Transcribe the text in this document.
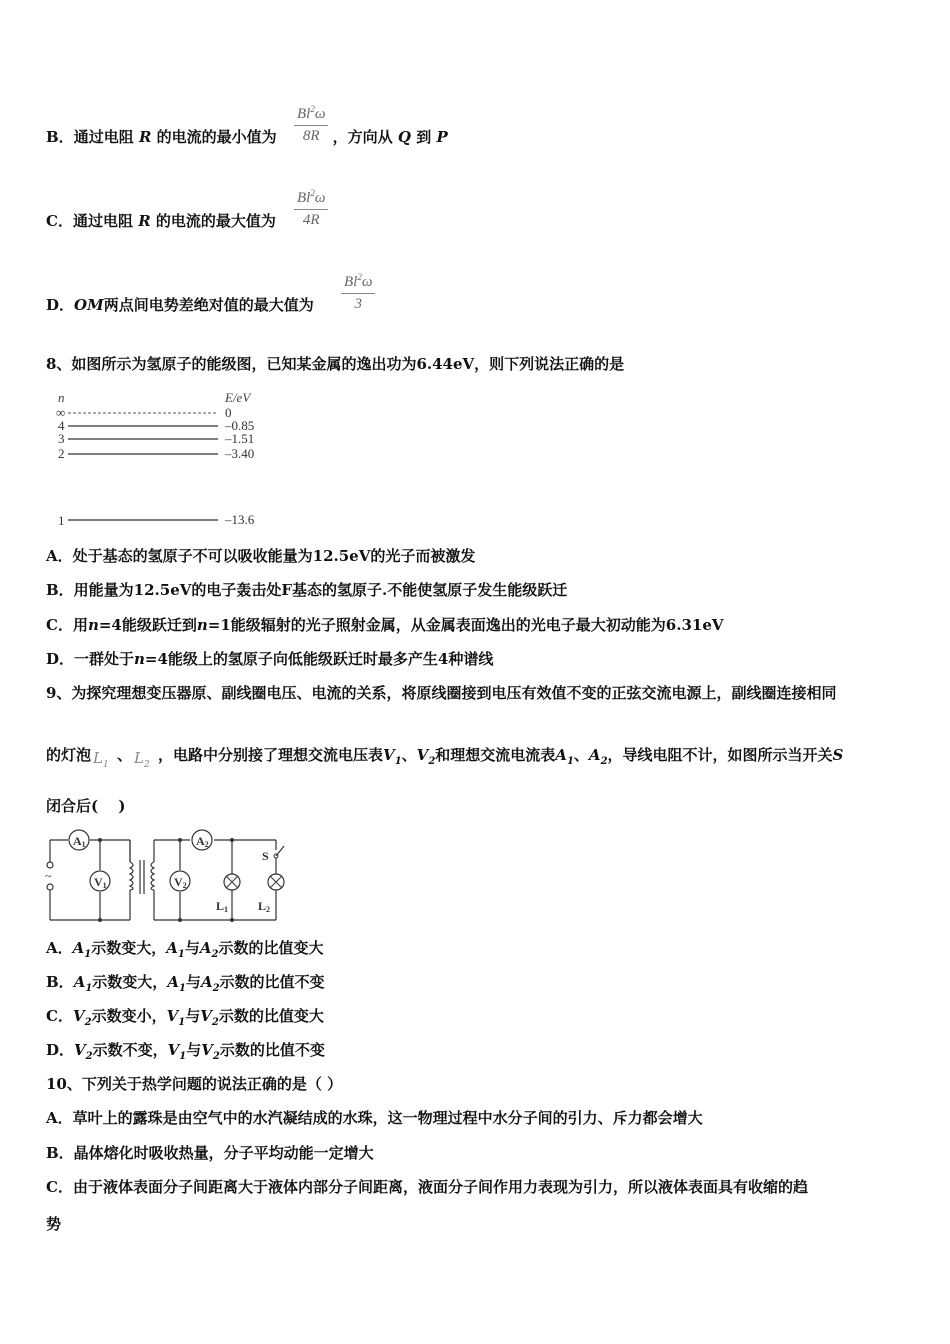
B．通过电阻 R 的电流的最小值为	，方向从 Q 到 P
Bl$^2$ω
8R
C．通过电阻 R 的电流的最大值为
Bl$^2$ω
4R
D．OM两点间电势差绝对值的最大值为
Bl$^2$ω
3
8、如图所示为氢原子的能级图，已知某金属的逸出功为6.44eV，则下列说法正确的是
n	E/eV
∞	0
4	–0.85
3	–1.51
2	–3.40
1	–13.6
A．处于基态的氢原子不可以吸收能量为12.5eV的光子而被激发
B．用能量为12.5eV的电子轰击处F基态的氢原子.不能使氢原子发生能级跃迁
C．用n=4能级跃迁到n=1能级辐射的光子照射金属，从金属表面逸出的光电子最大初动能为6.31eV
D．一群处于n=4能级上的氢原子向低能级跃迁时最多产生4种谱线
9、为探究理想变压器原、副线圈电压、电流的关系，将原线圈接到电压有效值不变的正弦交流电源上，副线圈连接相同
的灯泡 $L_1$
、 $L_2$
，电路中分别接了理想交流电压表$V_1$、$V_2$和理想交流电流表$A_1$、$A_2$，导线电阻不计，如图所示当开关S
闭合后(　 )
~
A1
V1
A2
V2
L1 L2
S
A．$A_1$示数变大，$A_1$与$A_2$示数的比值变大
B．$A_1$示数变大，$A_1$与$A_2$示数的比值不变
C．$V_2$示数变小，$V_1$与$V_2$示数的比值变大
D．$V_2$示数不变，$V_1$与$V_2$示数的比值不变
10、下列关于热学问题的说法正确的是（ ）
A．草叶上的露珠是由空气中的水汽凝结成的水珠，这一物理过程中水分子间的引力、斥力都会增大
B．晶体熔化时吸收热量，分子平均动能一定增大
C．由于液体表面分子间距离大于液体内部分子间距离，液面分子间作用力表现为引力，所以液体表面具有收缩的趋
势
